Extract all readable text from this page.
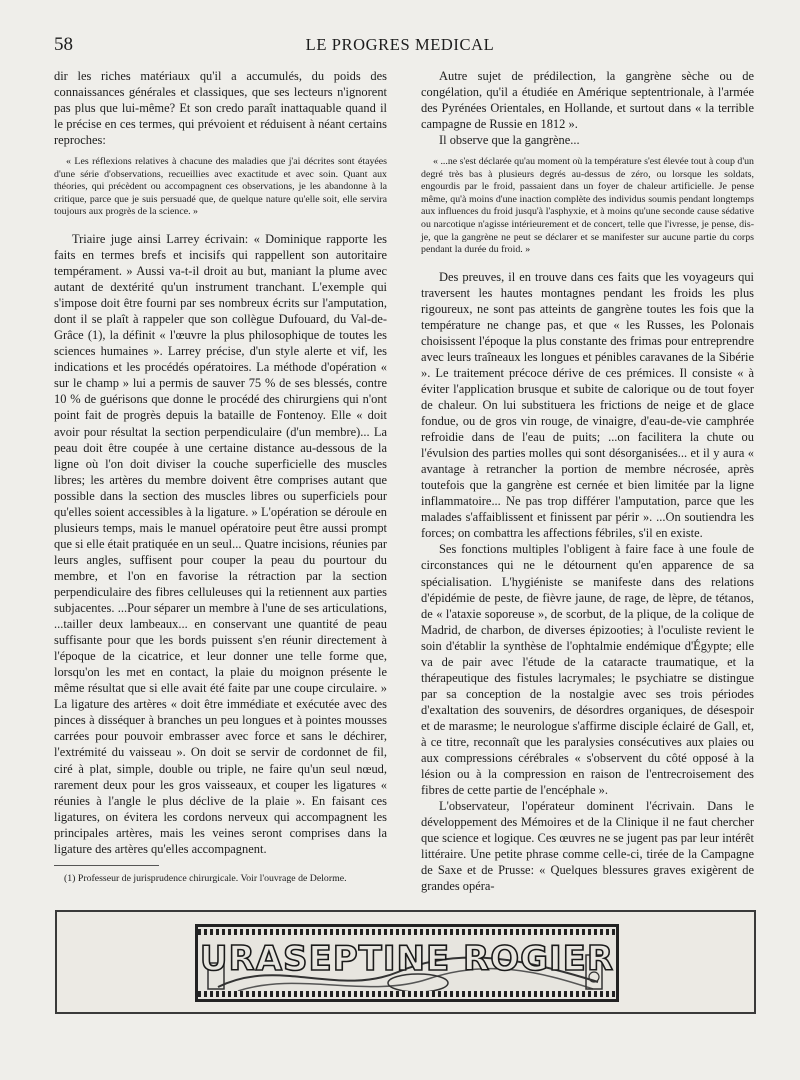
58	LE PROGRES MEDICAL

dir les riches matériaux qu'il a accumulés, du poids des connaissances générales et classiques, que ses lecteurs n'ignorent pas plus que lui-même? Et son credo paraît inattaquable quand il le précise en ces termes, qui prévoient et réduisent à néant certains reproches:

« Les réflexions relatives à chacune des maladies que j'ai décrites sont étayées d'une série d'observations, recueillies avec exactitude et avec soin. Quant aux théories, qui précèdent ou accompagnent ces observations, je les abandonne à la critique, parce que je suis persuadé que, de quelque nature qu'elle soit, elle servira toujours aux progrès de la science. »

Triaire juge ainsi Larrey écrivain: « Dominique rapporte les faits en termes brefs et incisifs qui rappellent son autoritaire tempérament. » Aussi va-t-il droit au but, maniant la plume avec autant de dextérité qu'un instrument tranchant. L'exemple qui s'impose doit être fourni par ses nombreux écrits sur l'amputation, dont il se plaît à rappeler que son collègue Dufouard, du Val-de-Grâce (1), la définit « l'œuvre la plus philosophique de toutes les sciences humaines ». Larrey précise, d'un style alerte et vif, les indications et les procédés opératoires. La méthode d'opération « sur le champ » lui a permis de sauver 75 % de ses blessés, contre 10 % de guérisons que donne le procédé des chirurgiens qui n'ont point fait de progrès depuis la bataille de Fontenoy. Elle « doit avoir pour résultat la section perpendiculaire (d'un membre)... La peau doit être coupée à une certaine distance au-dessous de la ligne où l'on doit diviser la couche superficielle des muscles libres; les artères du membre doivent être comprises autant que possible dans la section des muscles libres ou superficiels pour qu'elles soient accessibles à la ligature. » L'opération se déroule en plusieurs temps, mais le manuel opératoire peut être aussi prompt que si elle était pratiquée en un seul... Quatre incisions, réunies par leurs angles, suffisent pour couper la peau du pourtour du membre, et l'on en favorise la rétraction par la section perpendiculaire des fibres celluleuses qui la retiennent aux parties subjacentes. ...Pour séparer un membre à l'une de ses articulations, ...tailler deux lambeaux... en conservant une quantité de peau suffisante pour que les bords puissent s'en réunir directement à l'époque de la cicatrice, et leur donner une telle forme que, lorsqu'on les met en contact, la plaie du moignon présente le même résultat que si elle avait été faite par une coupe circulaire. » La ligature des artères « doit être immédiate et exécutée avec des pinces à disséquer à branches un peu longues et à pointes mousses carrées pour pouvoir embrasser avec force et sans le déchirer, l'extrémité du vaisseau ». On doit se servir de cordonnet de fil, ciré à plat, simple, double ou triple, ne faire qu'un seul nœud, rarement deux pour les gros vaisseaux, et couper les ligatures « réunies à l'angle le plus déclive de la plaie ». En faisant ces ligatures, on évitera les cordons nerveux qui accompagnent les principales artères, mais les veines seront comprises dans la ligature des artères qu'elles accompagnent.

(1) Professeur de jurisprudence chirurgicale. Voir l'ouvrage de Delorme.

Autre sujet de prédilection, la gangrène sèche ou de congélation, qu'il a étudiée en Amérique septentrionale, à l'armée des Pyrénées Orientales, en Hollande, et surtout dans « la terrible campagne de Russie en 1812 ».

Il observe que la gangrène...

« ...ne s'est déclarée qu'au moment où la température s'est élevée tout à coup d'un degré très bas à plusieurs degrés au-dessus de zéro, ou lorsque les soldats, engourdis par le froid, passaient dans un foyer de chaleur artificielle. Je pense même, qu'à moins d'une inaction complète des individus soumis pendant longtemps aux influences du froid jusqu'à l'asphyxie, et à moins qu'une seconde cause sédative ou narcotique n'agisse intérieurement et de concert, telle que l'ivresse, je pense, dis-je, que la gangrène ne peut se déclarer et se manifester sur aucune partie du corps pendant la durée du froid. »

Des preuves, il en trouve dans ces faits que les voyageurs qui traversent les hautes montagnes pendant les froids les plus rigoureux, ne sont pas atteints de gangrène toutes les fois que la température ne change pas, et que « les Russes, les Polonais choisissent l'époque la plus constante des frimas pour entreprendre avec leurs traîneaux les longues et pénibles caravanes de la Sibérie ». Le traitement précoce dérive de ces prémices. Il consiste « à éviter l'application brusque et subite de calorique ou de tout foyer de chaleur. On lui substituera les frictions de neige et de glace fondue, ou de gros vin rouge, de vinaigre, d'eau-de-vie camphrée refroidie dans de l'eau de puits; ...on facilitera la chute ou l'évulsion des parties molles qui sont désorganisées... et il y aura « avantage à retrancher la portion de membre nécrosée, après toutefois que la gangrène est cernée et bien limitée par la ligne inflammatoire... Ne pas trop différer l'amputation, parce que les malades s'affaiblissent et finissent par périr ». ...On soutiendra les forces; on combattra les affections fébriles, s'il en existe.

Ses fonctions multiples l'obligent à faire face à une foule de circonstances qui ne le détournent qu'en apparence de sa spécialisation. L'hygiéniste se manifeste dans des relations d'épidémie de peste, de fièvre jaune, de rage, de lèpre, de tétanos, de « l'ataxie soporeuse », de scorbut, de la plique, de la colique de Madrid, de charbon, de diverses épizooties; à l'oculiste revient le soin d'établir la synthèse de l'ophtalmie endémique d'Égypte; elle va de pair avec l'étude de la cataracte traumatique, et la thérapeutique des fistules lacrymales; le psychiatre se distingue par sa conception de la nostalgie avec ses trois périodes d'exaltation des souvenirs, de désordres organiques, de désespoir et de marasme; le neurologue s'affirme disciple éclairé de Gall, et, à ce titre, reconnaît que les paralysies consécutives aux plaies ou aux compressions cérébrales « s'observent du côté opposé à la lésion ou à la compression en raison de l'entrecroisement des fibres de cette partie de l'encéphale ».

L'observateur, l'opérateur dominent l'écrivain. Dans le développement des Mémoires et de la Clinique il ne faut chercher que science et logique. Ces œuvres ne se jugent pas par leur intérêt littéraire. Une petite phrase comme celle-ci, tirée de la Campagne de Saxe et de Prusse: « Quelques blessures graves exigèrent de grandes opéra-

URASEPTINE ROGIER
